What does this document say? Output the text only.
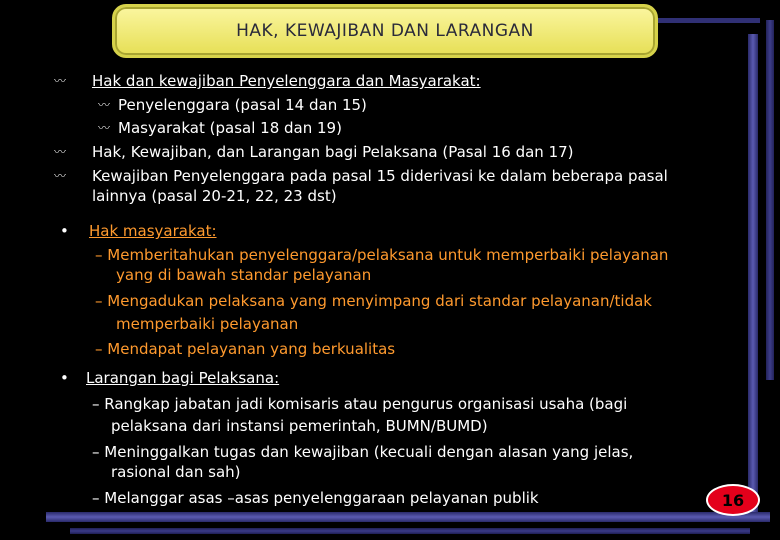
HAK, KEWAJIBAN DAN LARANGAN
〰 Hak dan kewajiban Penyelenggara dan Masyarakat:
〰 Penyelenggara (pasal 14 dan 15)
〰 Masyarakat (pasal 18 dan 19)
〰 Hak, Kewajiban, dan Larangan bagi Pelaksana (Pasal 16 dan 17)
〰 Kewajiban Penyelenggara pada pasal 15 diderivasi ke dalam beberapa pasal
lainnya (pasal 20-21, 22, 23 dst)
• Hak masyarakat:
– Memberitahukan penyelenggara/pelaksana untuk memperbaiki pelayanan
yang di bawah standar pelayanan
– Mengadukan pelaksana yang menyimpang dari standar pelayanan/tidak
memperbaiki pelayanan
– Mendapat pelayanan yang berkualitas
• Larangan bagi Pelaksana:
– Rangkap jabatan jadi komisaris atau pengurus organisasi usaha (bagi
pelaksana dari instansi pemerintah, BUMN/BUMD)
– Meninggalkan tugas dan kewajiban (kecuali dengan alasan yang jelas,
rasional dan sah)
– Melanggar asas –asas penyelenggaraan pelayanan publik	16
